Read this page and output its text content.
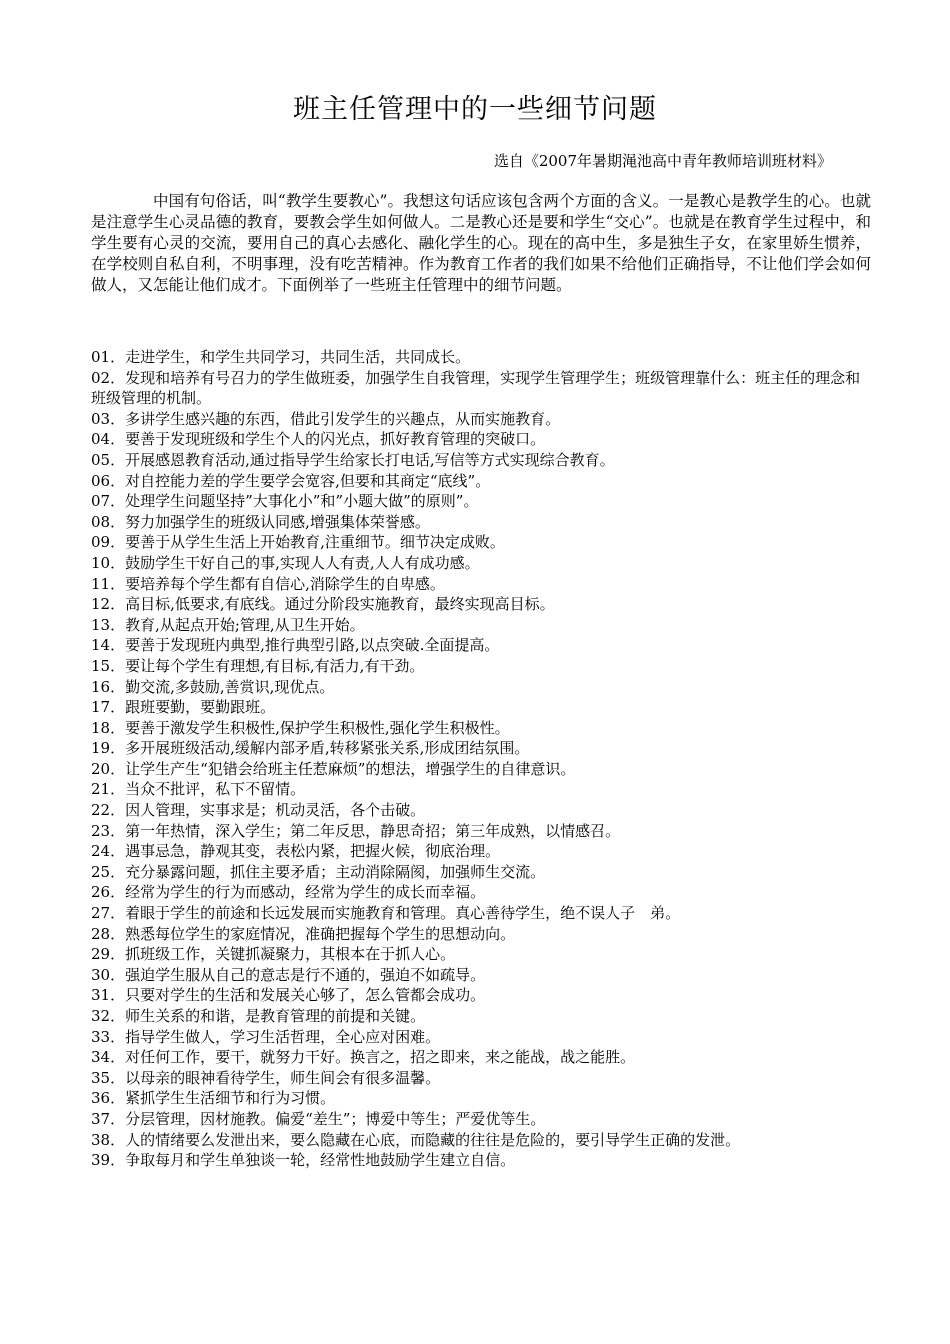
班主任管理中的一些细节问题
选自《2007年暑期渑池高中青年教师培训班材料》

中国有句俗话，叫“教学生要教心”。我想这句话应该包含两个方面的含义。一是教心是教学生的心。也就是注意学生心灵品德的教育，要教会学生如何做人。二是教心还是要和学生“交心”。也就是在教育学生过程中，和学生要有心灵的交流，要用自己的真心去感化、融化学生的心。现在的高中生，多是独生子女，在家里娇生惯养，在学校则自私自利，不明事理，没有吃苦精神。作为教育工作者的我们如果不给他们正确指导，不让他们学会如何做人，又怎能让他们成才。下面例举了一些班主任管理中的细节问题。

01．走进学生，和学生共同学习，共同生活，共同成长。
02．发现和培养有号召力的学生做班委，加强学生自我管理，实现学生管理学生；班级管理靠什么：班主任的理念和班级管理的机制。
03．多讲学生感兴趣的东西，借此引发学生的兴趣点，从而实施教育。
04．要善于发现班级和学生个人的闪光点，抓好教育管理的突破口。
05．开展感恩教育活动,通过指导学生给家长打电话,写信等方式实现综合教育。
06．对自控能力差的学生要学会宽容,但要和其商定“底线”。
07．处理学生问题坚持”大事化小”和”小题大做”的原则”。
08．努力加强学生的班级认同感,增强集体荣誉感。
09．要善于从学生生活上开始教育,注重细节。细节决定成败。
10．鼓励学生干好自己的事,实现人人有责,人人有成功感。
11．要培养每个学生都有自信心,消除学生的自卑感。
12．高目标,低要求,有底线。通过分阶段实施教育，最终实现高目标。
13．教育,从起点开始;管理,从卫生开始。
14．要善于发现班内典型,推行典型引路,以点突破.全面提高。
15．要让每个学生有理想,有目标,有活力,有干劲。
16．勤交流,多鼓励,善赏识,现优点。
17．跟班要勤，要勤跟班。
18．要善于激发学生积极性,保护学生积极性,强化学生积极性。
19．多开展班级活动,缓解内部矛盾,转移紧张关系,形成团结氛围。
20．让学生产生“犯错会给班主任惹麻烦”的想法，增强学生的自律意识。
21．当众不批评，私下不留情。
22．因人管理，实事求是；机动灵活，各个击破。
23．第一年热情，深入学生；第二年反思，静思奇招；第三年成熟，以情感召。
24．遇事忌急，静观其变，表松内紧，把握火候，彻底治理。
25．充分暴露问题，抓住主要矛盾；主动消除隔阂，加强师生交流。
26．经常为学生的行为而感动，经常为学生的成长而幸福。
27．着眼于学生的前途和长远发展而实施教育和管理。真心善待学生，绝不误人子　弟。
28．熟悉每位学生的家庭情况，准确把握每个学生的思想动向。
29．抓班级工作，关键抓凝聚力，其根本在于抓人心。
30．强迫学生服从自己的意志是行不通的，强迫不如疏导。
31．只要对学生的生活和发展关心够了，怎么管都会成功。
32．师生关系的和谐，是教育管理的前提和关键。
33．指导学生做人，学习生活哲理，全心应对困难。
34．对任何工作，要干，就努力干好。换言之，招之即来，来之能战，战之能胜。
35．以母亲的眼神看待学生，师生间会有很多温馨。
36．紧抓学生生活细节和行为习惯。
37．分层管理，因材施教。偏爱“差生”；博爱中等生；严爱优等生。
38．人的情绪要么发泄出来，要么隐藏在心底，而隐藏的往往是危险的，要引导学生正确的发泄。
39．争取每月和学生单独谈一轮，经常性地鼓励学生建立自信。
